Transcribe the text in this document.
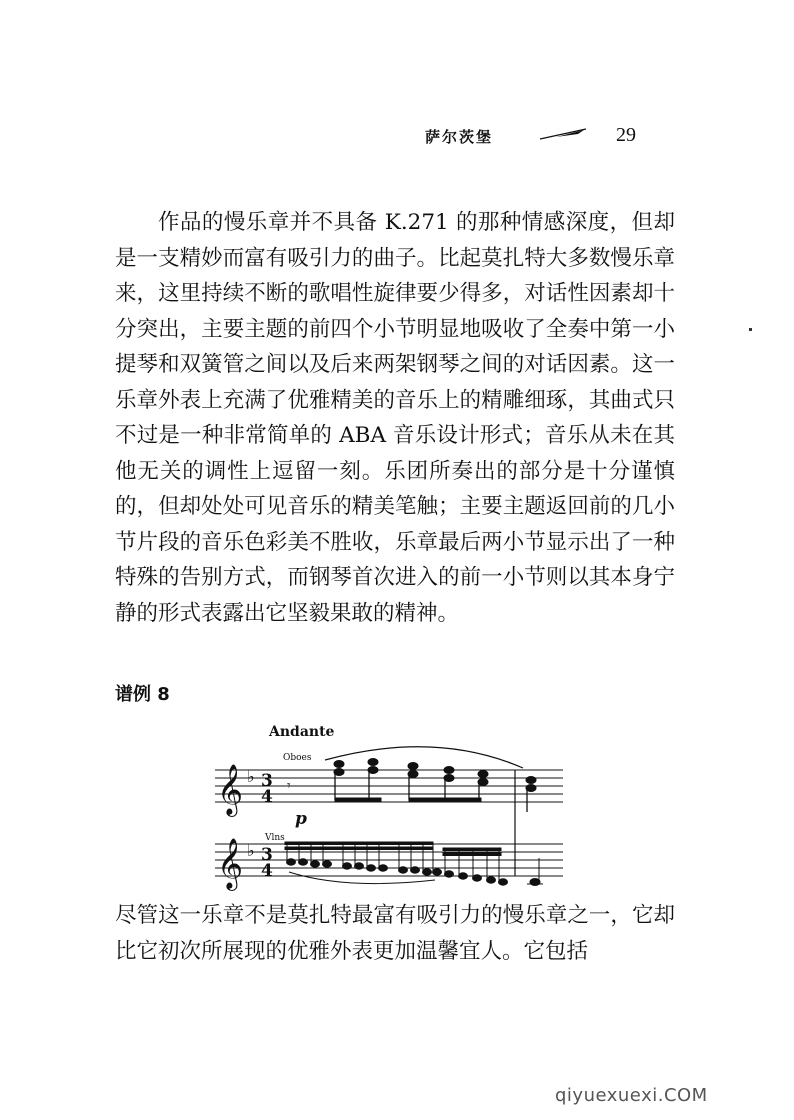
萨尔茨堡	29

作品的慢乐章并不具备 K.271 的那种情感深度，但却是一支精妙而富有吸引力的曲子。比起莫扎特大多数慢乐章来，这里持续不断的歌唱性旋律要少得多，对话性因素却十分突出，主要主题的前四个小节明显地吸收了全奏中第一小提琴和双簧管之间以及后来两架钢琴之间的对话因素。这一乐章外表上充满了优雅精美的音乐上的精雕细琢，其曲式只不过是一种非常简单的 ABA 音乐设计形式；音乐从未在其他无关的调性上逗留一刻。乐团所奏出的部分是十分谨慎的，但却处处可见音乐的精美笔触；主要主题返回前的几小节片段的音乐色彩美不胜收，乐章最后两小节显示出了一种特殊的告别方式，而钢琴首次进入的前一小节则以其本身宁静的形式表露出它坚毅果敢的精神。

谱例 8
Andante
Oboes
𝄞 ♭ 3
4
𝄾
p
Vlns
𝄞 ♭ 3
4

尽管这一乐章不是莫扎特最富有吸引力的慢乐章之一，它却比它初次所展现的优雅外表更加温馨宜人。它包括

qiyuexuexi.COM
